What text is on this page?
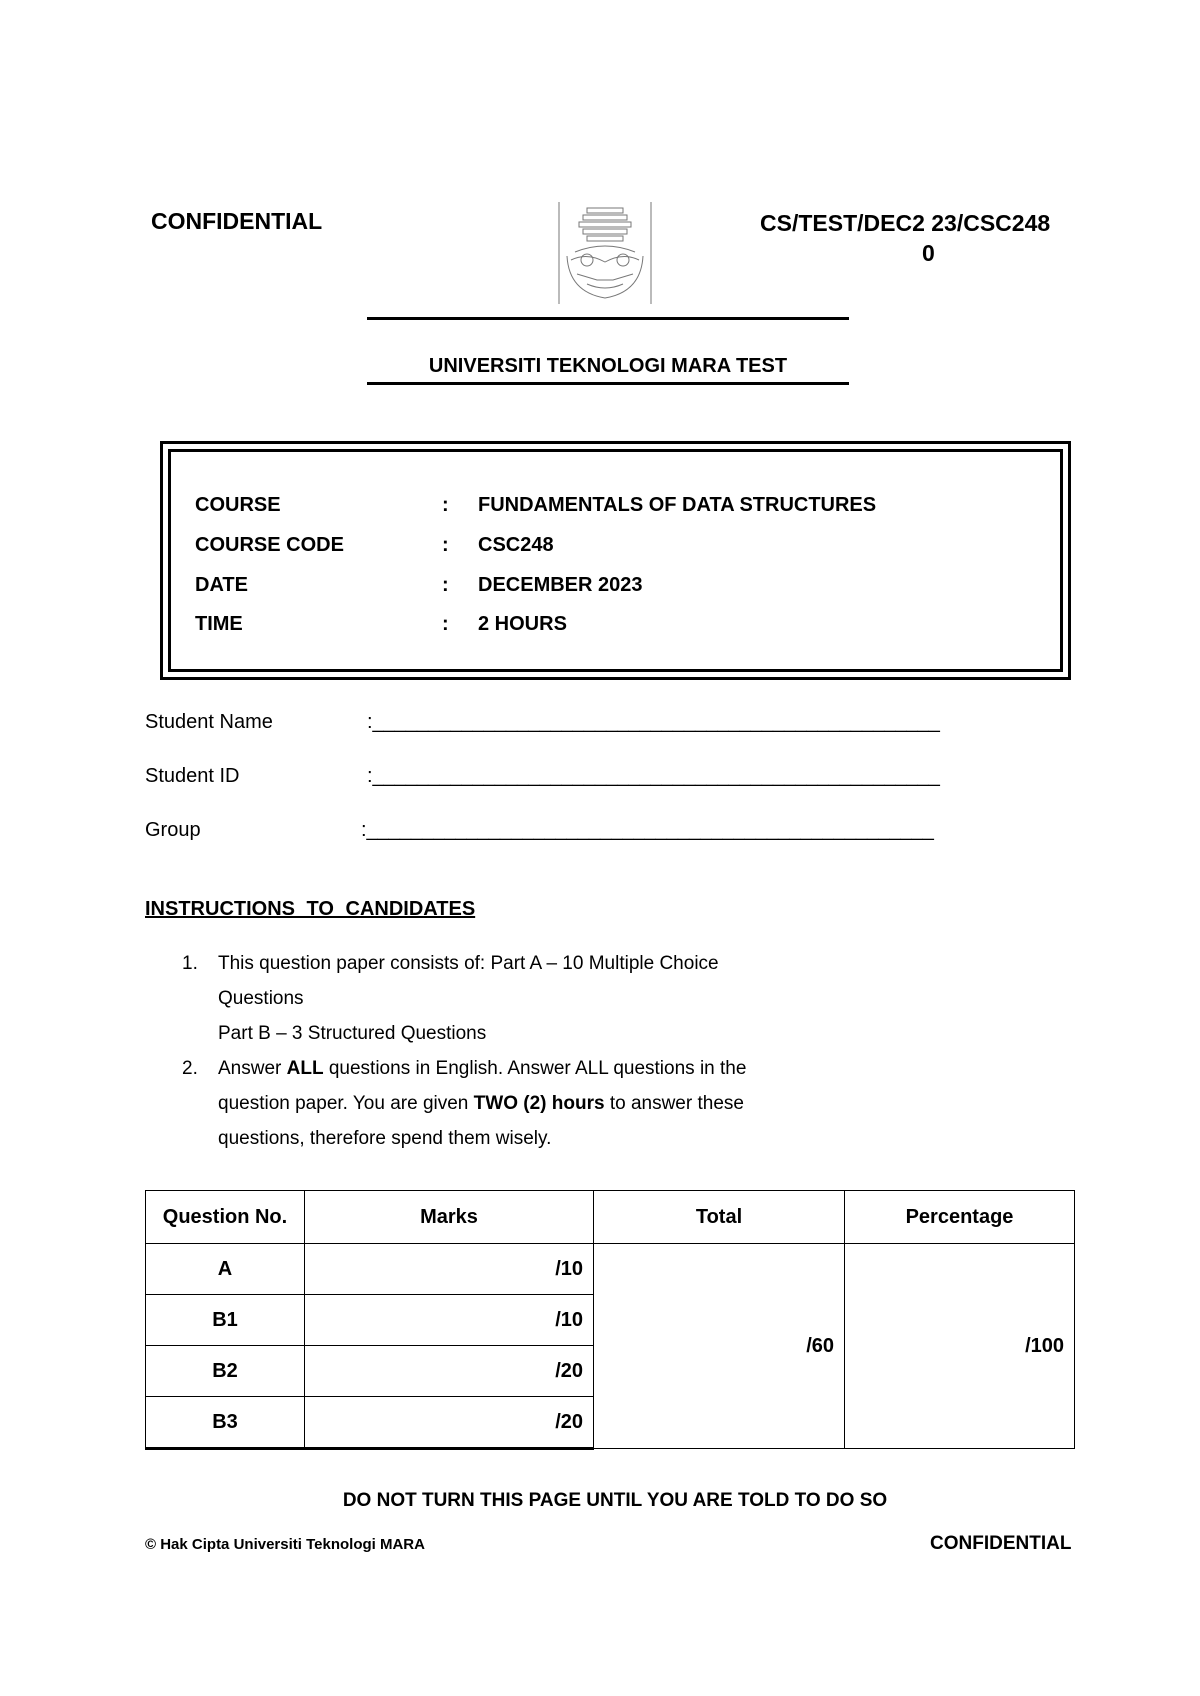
CONFIDENTIAL	CS/TEST/DEC2 23/CSC248
0
UNIVERSITI TEKNOLOGI MARA TEST
COURSE	: FUNDAMENTALS OF DATA STRUCTURES
COURSE CODE	: CSC248
DATE	: DECEMBER 2023
TIME	: 2 HOURS
Student Name	:___________________________________________________
Student ID	:___________________________________________________
Group	:___________________________________________________
INSTRUCTIONS TO CANDIDATES
1. This question paper consists of: Part A – 10 Multiple Choice
Questions
Part B – 3 Structured Questions
2. Answer ALL questions in English. Answer ALL questions in the question paper. You are given TWO (2) hours to answer these questions, therefore spend them wisely.
Question No.	Marks	Total	Percentage
A	/10	/60	/100
B1	/10		
B2	/20		
B3	/20		
DO NOT TURN THIS PAGE UNTIL YOU ARE TOLD TO DO SO
© Hak Cipta Universiti Teknologi MARA	CONFIDENTIAL
